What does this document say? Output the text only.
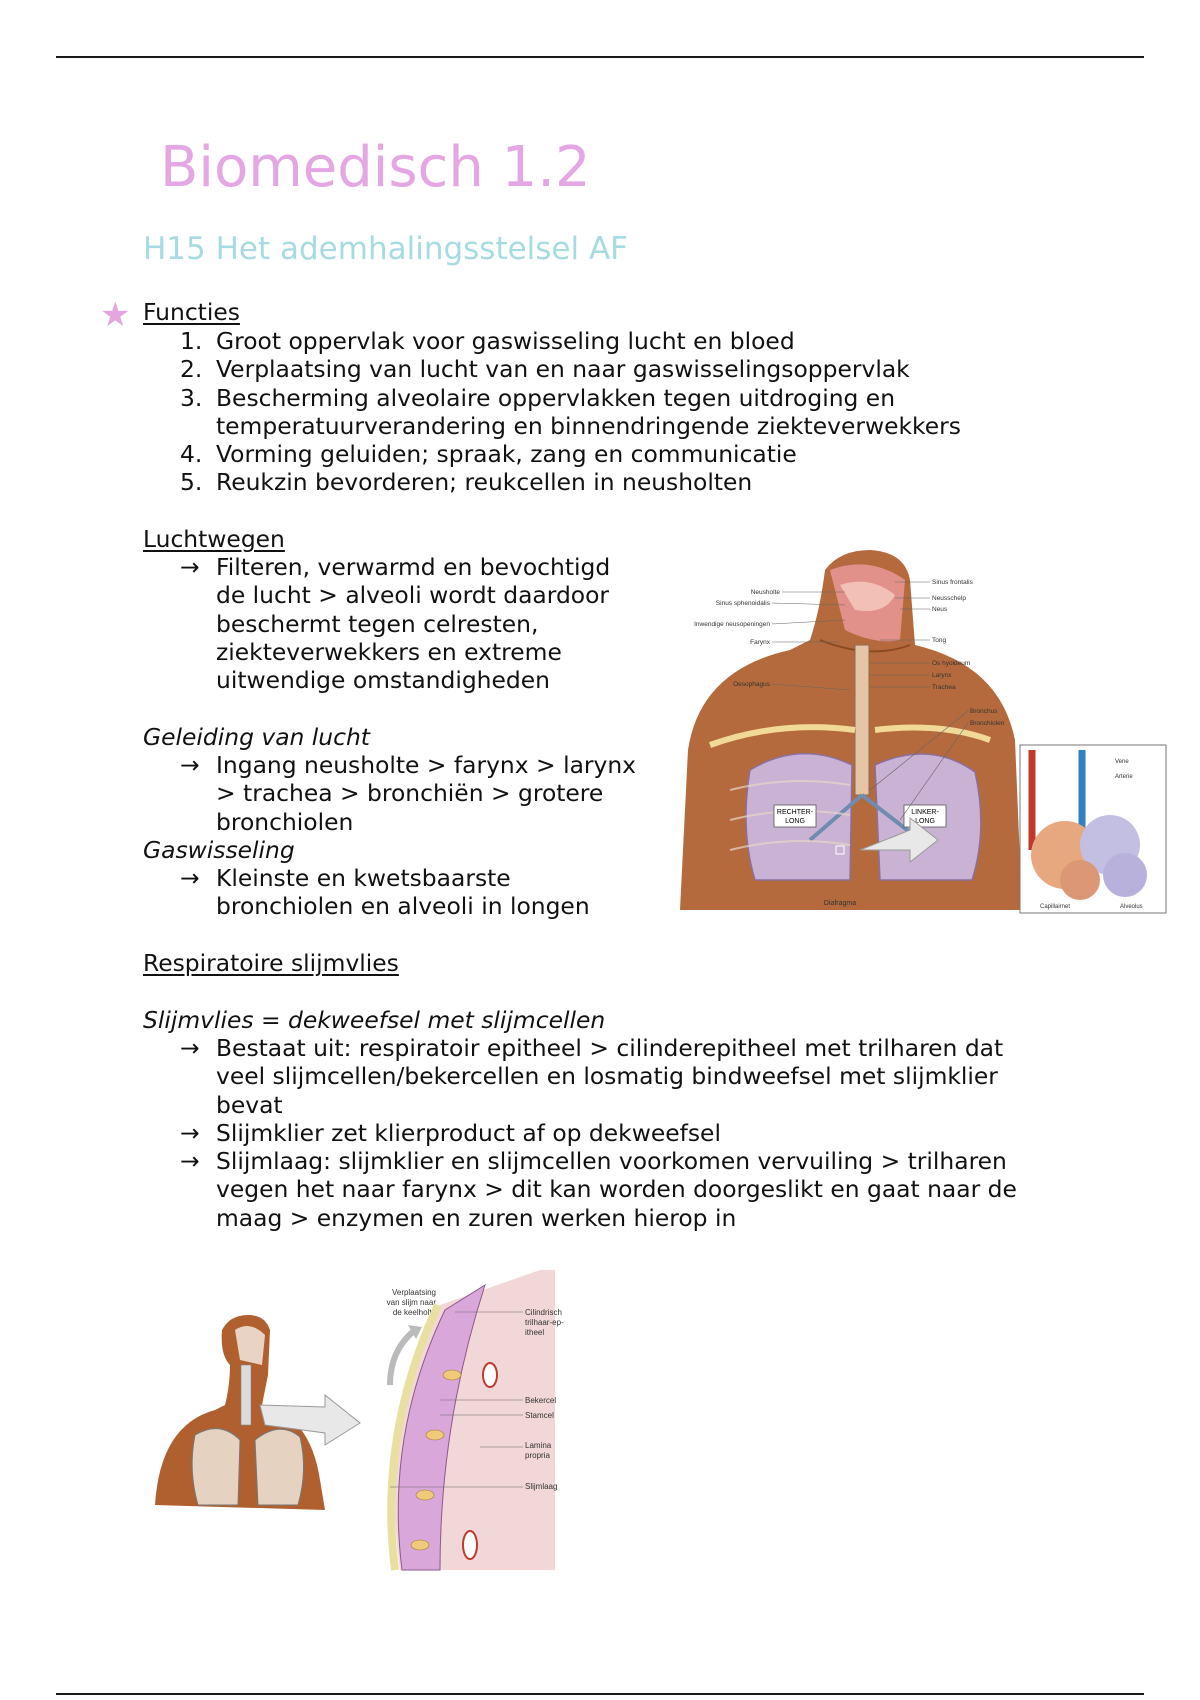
Biomedisch 1.2
H15 Het ademhalingsstelsel AF
★ Functies
1. Groot oppervlak voor gaswisseling lucht en bloed
2. Verplaatsing van lucht van en naar gaswisselingsoppervlak
3. Bescherming alveolaire oppervlakken tegen uitdroging en
temperatuurverandering en binnendringende ziekteverwekkers
4. Vorming geluiden; spraak, zang en communicatie
5. Reukzin bevorderen; reukcellen in neusholten
Luchtwegen
→ Filteren, verwarmd en bevochtigd
de lucht > alveoli wordt daardoor
beschermt tegen celresten,
ziekteverwekkers en extreme
uitwendige omstandigheden
Geleiding van lucht
→ Ingang neusholte > farynx > larynx
> trachea > bronchiën > grotere
bronchiolen
Gaswisseling
→ Kleinste en kwetsbaarste
bronchiolen en alveoli in longen
RECHTER-
LONG
LINKER-
LONG
Diafragma
Neusholte
Sinus sphenoidalis
Inwendige neusopeningen
Farynx
Oesophagus
Sinus frontalis
Neusschelp
Neus
Tong
Os hyoideum
Larynx
Trachea
Bronchus
Bronchiolen
Vene
Arterie
Capillairnet	Alveolus
Respiratoire slijmvlies
Slijmvlies = dekweefsel met slijmcellen
→ Bestaat uit: respiratoir epitheel > cilinderepitheel met trilharen dat
veel slijmcellen/bekercellen en losmatig bindweefsel met slijmklier
bevat
→ Slijmklier zet klierproduct af op dekweefsel
→ Slijmlaag: slijmklier en slijmcellen voorkomen vervuiling > trilharen
vegen het naar farynx > dit kan worden doorgeslikt en gaat naar de
maag > enzymen en zuren werken hierop in
Verplaatsing
van slijm naar
de keelholte	Cilindrisch
trilhaar-ep-
itheel
Bekercel
Stamcel
Lamina
propria
Slijmlaag
